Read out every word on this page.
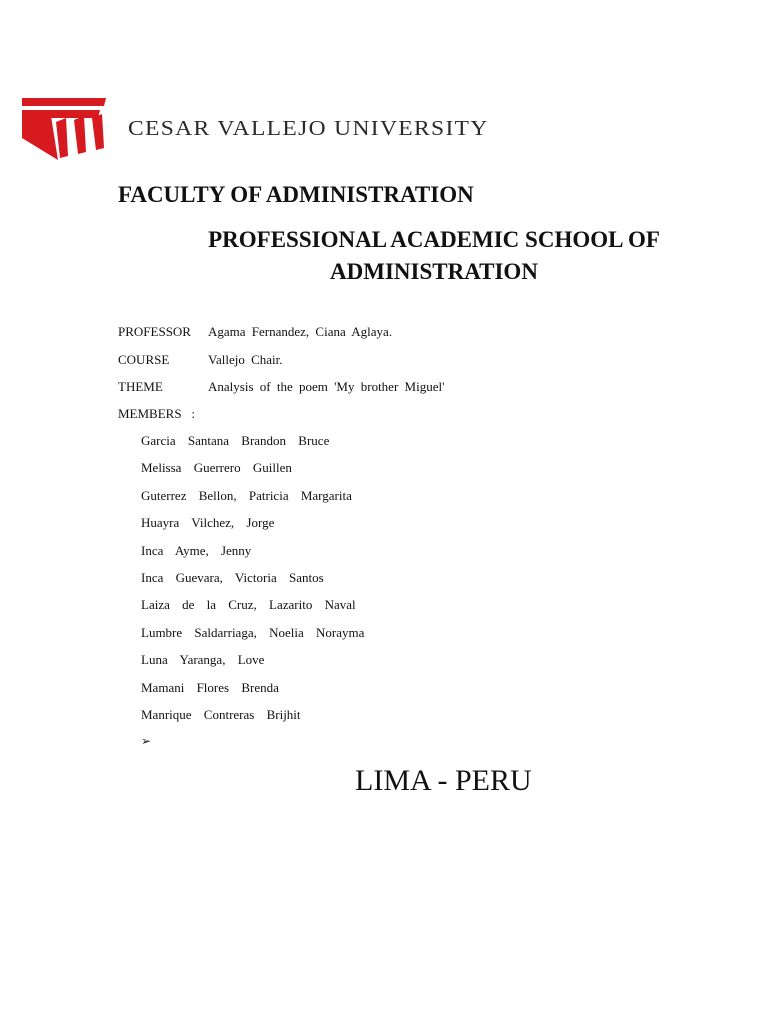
CESAR VALLEJO UNIVERSITY
FACULTY OF ADMINISTRATION
PROFESSIONAL ACADEMIC SCHOOL OF ADMINISTRATION
PROFESSOR Agama Fernandez, Ciana Aglaya.
COURSE	Vallejo Chair.
THEME	Analysis of the poem 'My brother Miguel'
MEMBERS   :
Garcia Santana Brandon Bruce
Melissa Guerrero Guillen
Guterrez Bellon, Patricia Margarita
Huayra Vilchez, Jorge
Inca Ayme, Jenny
Inca Guevara, Victoria Santos
Laiza de la Cruz, Lazarito Naval
Lumbre Saldarriaga, Noelia Norayma
Luna Yaranga, Love
Mamani Flores Brenda
Manrique Contreras Brijhit
➢
LIMA - PERU
